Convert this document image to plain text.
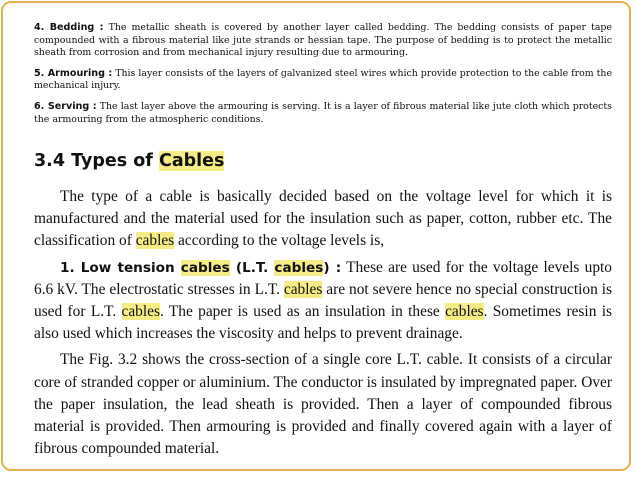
4. Bedding : The metallic sheath is covered by another layer called bedding. The bedding consists of paper tape compounded with a fibrous material like jute strands or hessian tape. The purpose of bedding is to protect the metallic sheath from corrosion and from mechanical injury resulting due to armouring.

5. Armouring : This layer consists of the layers of galvanized steel wires which provide protection to the cable from the mechanical injury.

6. Serving : The last layer above the armouring is serving. It is a layer of fibrous material like jute cloth which protects the armouring from the atmospheric conditions.

3.4 Types of Cables

The type of a cable is basically decided based on the voltage level for which it is manufactured and the material used for the insulation such as paper, cotton, rubber etc. The classification of cables according to the voltage levels is,

1. Low tension cables (L.T. cables) : These are used for the voltage levels upto 6.6 kV. The electrostatic stresses in L.T. cables are not severe hence no special construction is used for L.T. cables. The paper is used as an insulation in these cables. Sometimes resin is also used which increases the viscosity and helps to prevent drainage.

The Fig. 3.2 shows the cross-section of a single core L.T. cable. It consists of a circular core of stranded copper or aluminium. The conductor is insulated by impregnated paper. Over the paper insulation, the lead sheath is provided. Then a layer of compounded fibrous material is provided. Then armouring is provided and finally covered again with a layer of fibrous compounded material.
